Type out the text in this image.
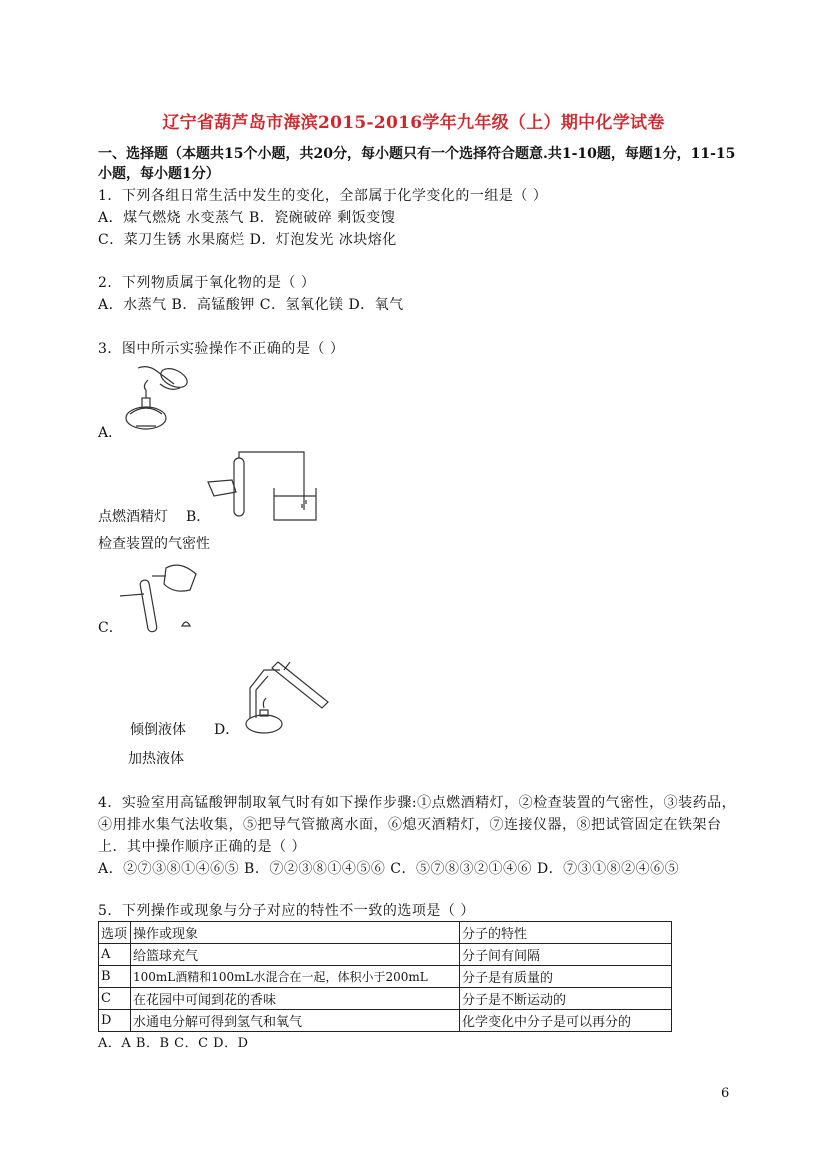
辽宁省葫芦岛市海滨2015-2016学年九年级（上）期中化学试卷
一、选择题（本题共15个小题，共20分，每小题只有一个选择符合题意.共1-10题，每题1分，11-15
小题，每小题1分）
1．下列各组日常生活中发生的变化，全部属于化学变化的一组是（ ）
A．煤气燃烧 水变蒸气 B．瓷碗破碎 剩饭变馊
C．菜刀生锈 水果腐烂 D．灯泡发光 冰块熔化
2．下列物质属于氧化物的是（ ）
A．水蒸气 B．高锰酸钾 C．氢氧化镁 D．氧气
3．图中所示实验操作不正确的是（ ）
A．
点燃酒精灯 B．
检查装置的气密性
C．
倾倒液体 D．
加热液体
4．实验室用高锰酸钾制取氧气时有如下操作步骤:①点燃酒精灯，②检查装置的气密性，③装药品，
④用排水集气法收集，⑤把导气管撤离水面，⑥熄灭酒精灯，⑦连接仪器，⑧把试管固定在铁架台
上．其中操作顺序正确的是（ ）
A．②⑦③⑧①④⑥⑤ B．⑦②③⑧①④⑤⑥ C．⑤⑦⑧③②①④⑥ D．⑦③①⑧②④⑥⑤
5．下列操作或现象与分子对应的特性不一致的选项是（ ）
选项	操作或现象	分子的特性
A	给篮球充气	分子间有间隔
B	100mL酒精和100mL水混合在一起，体积小于200mL	分子是有质量的
C	在花园中可闻到花的香味	分子是不断运动的
D	水通电分解可得到氢气和氧气	化学变化中分子是可以再分的
A．A B．B C．C D．D
6
